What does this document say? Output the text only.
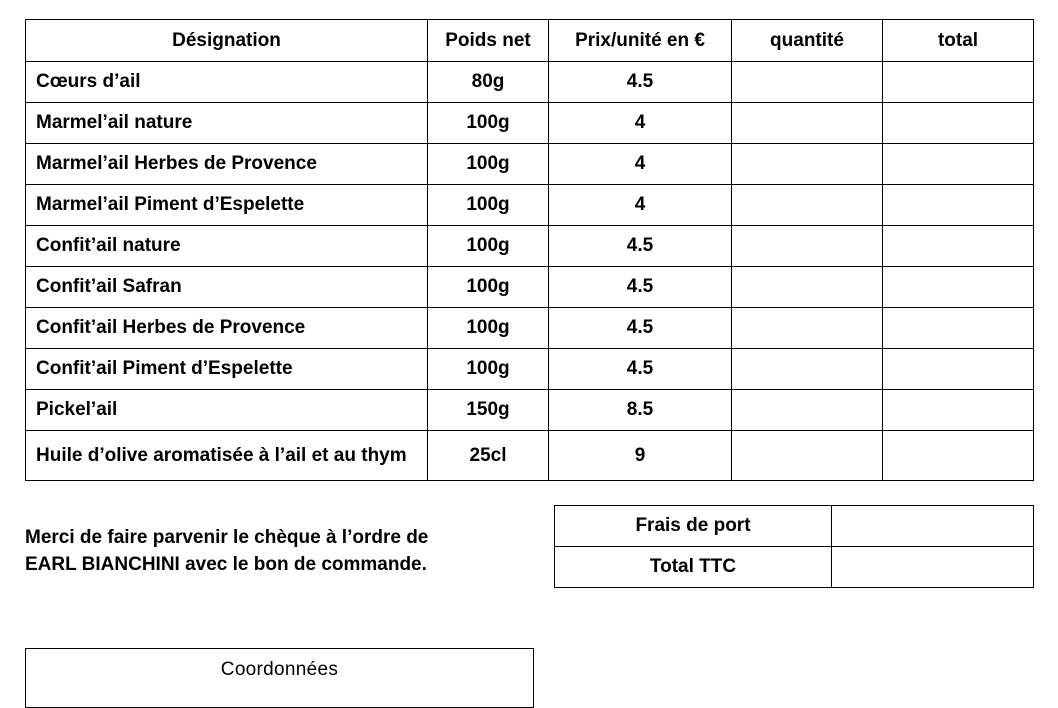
Désignation	Poids net	Prix/unité en €	quantité	total
Cœurs d’ail	80g	4.5		
Marmel’ail nature	100g	4		
Marmel’ail Herbes de Provence	100g	4		
Marmel’ail Piment d’Espelette	100g	4		
Confit’ail nature	100g	4.5		
Confit’ail Safran	100g	4.5		
Confit’ail Herbes de Provence	100g	4.5		
Confit’ail Piment d’Espelette	100g	4.5		
Pickel’ail	150g	8.5		
Huile d’olive aromatisée à l’ail et au thym	25cl	9		
Merci de faire parvenir le chèque à l’ordre de
EARL BIANCHINI avec le bon de commande.
Frais de port	
Total TTC	
Coordonnées
